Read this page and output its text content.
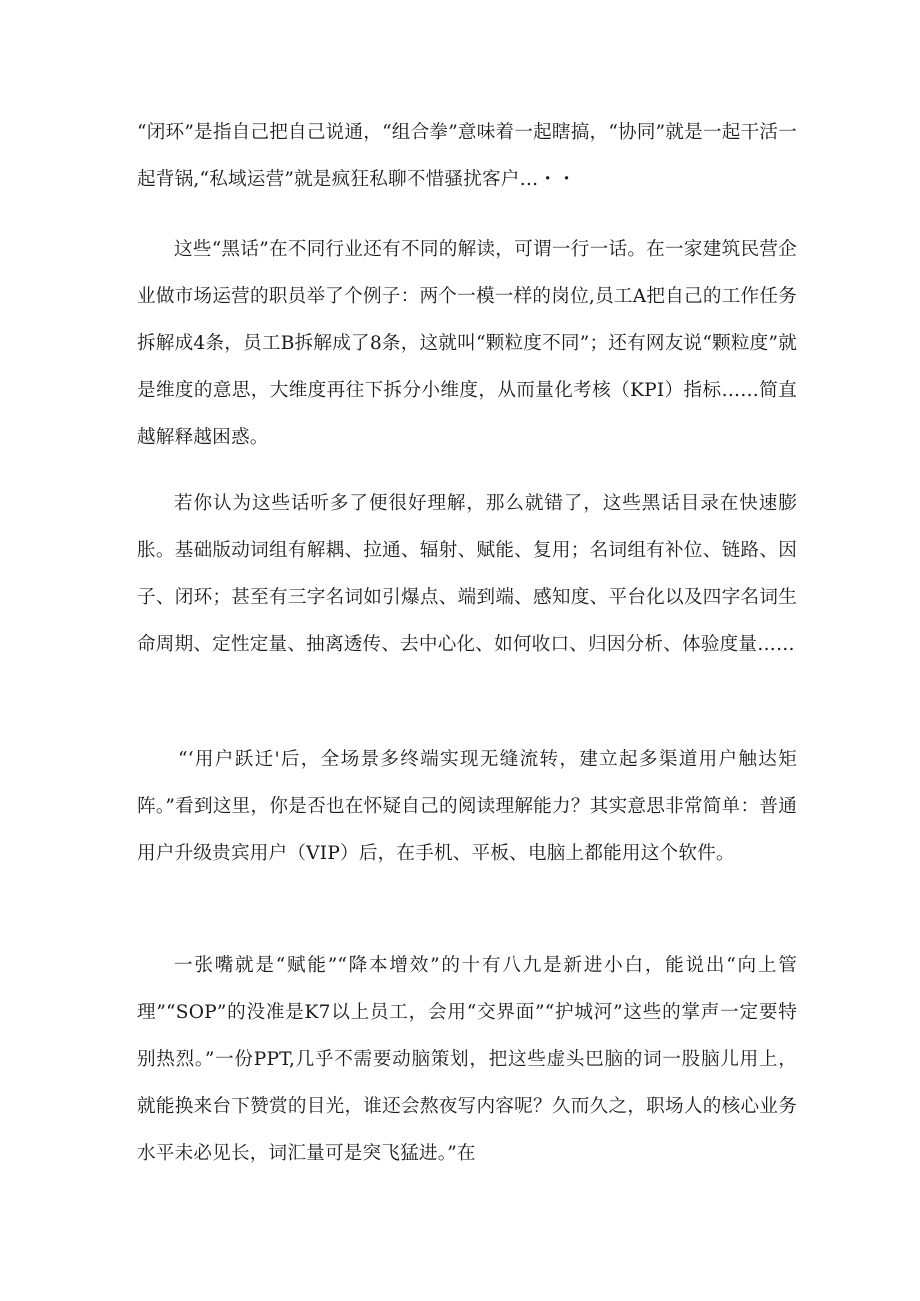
“闭环”是指自己把自己说通，“组合拳”意味着一起瞎搞，“协同”就是一起干活一起背锅,“私域运营”就是疯狂私聊不惜骚扰客户…・・

这些“黑话”在不同行业还有不同的解读，可谓一行一话。在一家建筑民营企业做市场运营的职员举了个例子：两个一模一样的岗位,员工A把自己的工作任务拆解成4条，员工B拆解成了8条，这就叫“颗粒度不同”；还有网友说“颗粒度”就是维度的意思，大维度再往下拆分小维度，从而量化考核（KPI）指标……简直越解释越困惑。

若你认为这些话听多了便很好理解，那么就错了，这些黑话目录在快速膨胀。基础版动词组有解耦、拉通、辐射、赋能、复用；名词组有补位、链路、因子、闭环；甚至有三字名词如引爆点、端到端、感知度、平台化以及四字名词生命周期、定性定量、抽离透传、去中心化、如何收口、归因分析、体验度量……

“‘用户跃迁'后，全场景多终端实现无缝流转，建立起多渠道用户触达矩阵。”看到这里，你是否也在怀疑自己的阅读理解能力？其实意思非常简单：普通用户升级贵宾用户（VIP）后，在手机、平板、电脑上都能用这个软件。

一张嘴就是“赋能”“降本增效”的十有八九是新进小白，能说出“向上管理”“SOP”的没准是K7以上员工，会用“交界面”“护城河”这些的掌声一定要特别热烈。”一份PPT,几乎不需要动脑策划，把这些虚头巴脑的词一股脑儿用上，就能换来台下赞赏的目光，谁还会熬夜写内容呢？久而久之，职场人的核心业务水平未必见长，词汇量可是突飞猛进。”在
